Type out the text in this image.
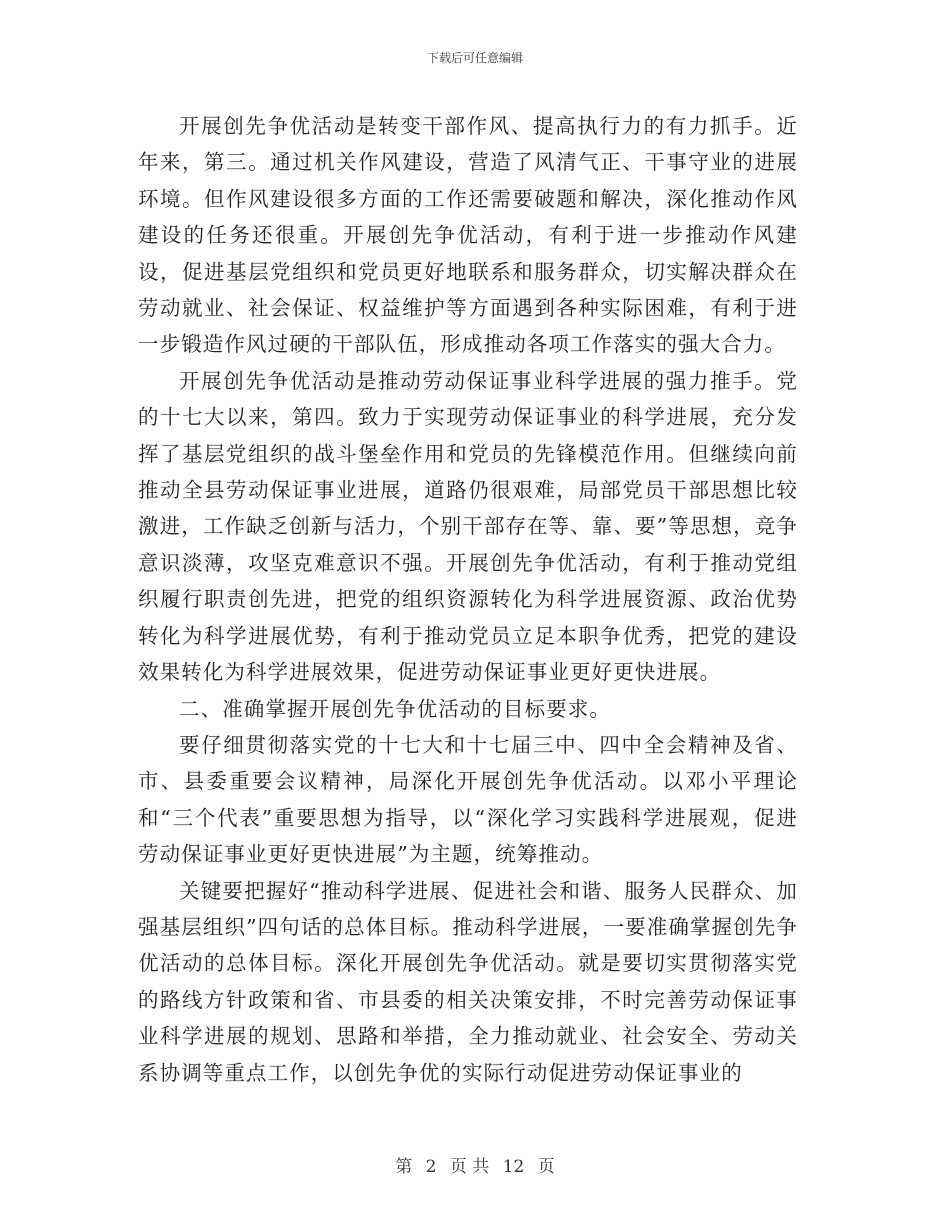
下载后可任意编辑

开展创先争优活动是转变干部作风、提高执行力的有力抓手。近年来，第三。通过机关作风建设，营造了风清气正、干事守业的进展环境。但作风建设很多方面的工作还需要破题和解决，深化推动作风建设的任务还很重。开展创先争优活动，有利于进一步推动作风建设，促进基层党组织和党员更好地联系和服务群众，切实解决群众在劳动就业、社会保证、权益维护等方面遇到各种实际困难，有利于进一步锻造作风过硬的干部队伍，形成推动各项工作落实的强大合力。

开展创先争优活动是推动劳动保证事业科学进展的强力推手。党的十七大以来，第四。致力于实现劳动保证事业的科学进展，充分发挥了基层党组织的战斗堡垒作用和党员的先锋模范作用。但继续向前推动全县劳动保证事业进展，道路仍很艰难，局部党员干部思想比较激进，工作缺乏创新与活力，个别干部存在等、靠、要”等思想，竞争意识淡薄，攻坚克难意识不强。开展创先争优活动，有利于推动党组织履行职责创先进，把党的组织资源转化为科学进展资源、政治优势转化为科学进展优势，有利于推动党员立足本职争优秀，把党的建设效果转化为科学进展效果，促进劳动保证事业更好更快进展。

二、准确掌握开展创先争优活动的目标要求。

要仔细贯彻落实党的十七大和十七届三中、四中全会精神及省、市、县委重要会议精神，局深化开展创先争优活动。以邓小平理论和“三个代表”重要思想为指导，以“深化学习实践科学进展观，促进劳动保证事业更好更快进展”为主题，统筹推动。

关键要把握好“推动科学进展、促进社会和谐、服务人民群众、加强基层组织”四句话的总体目标。推动科学进展，一要准确掌握创先争优活动的总体目标。深化开展创先争优活动。就是要切实贯彻落实党的路线方针政策和省、市县委的相关决策安排，不时完善劳动保证事业科学进展的规划、思路和举措，全力推动就业、社会安全、劳动关系协调等重点工作，以创先争优的实际行动促进劳动保证事业的

第 2 页 共 12 页
